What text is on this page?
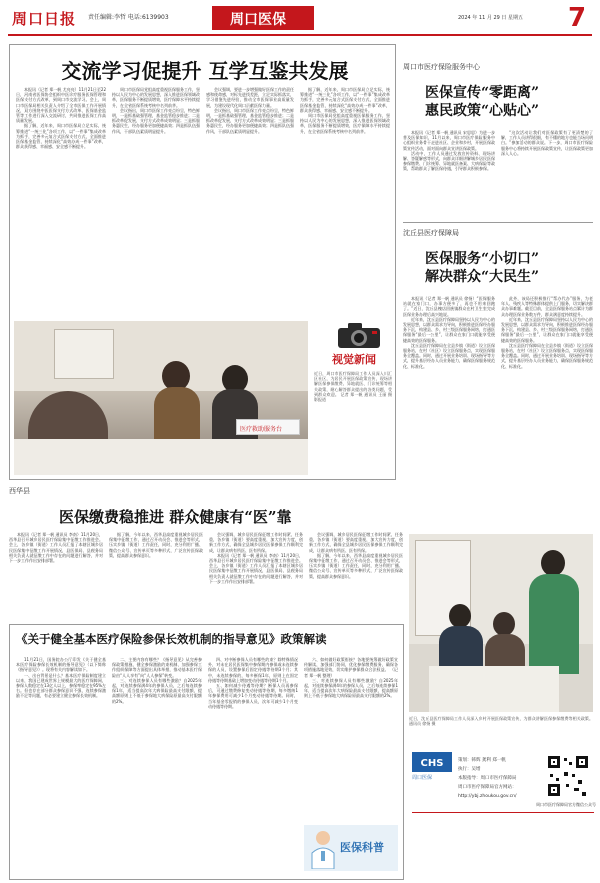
周口日报 责任编辑:李哲 电话:6139903	周口医保	2024 年 11 月 29 日 星期五 7
交流学习促提升 互学互鉴共发展

本报讯（记者 郑一帆 尤亮亮）11月21日至22日，河南省医保协会组织中医诊疗服务医保管理和医保支付方式改革，到周口市交流学习。会上，周口市医保局相关负责人介绍了全市医保工作开展情况，双方围绕中医医保支付方式改革、医保基金监管等工作进行深入交流研讨，共同推进医保工作高质量发展。

据了解，近年来，周口市医保局立足实际，统筹推进“一统三化”各项工作，以“一件事”集成改革为抓手，完善多元复合式医保支付方式，全面推进医保基金监管，持续深化“高效办成一件事”改革，群众获得感、幸福感、安全感不断提升。

周口市医保局党组高度重视医保服务工作，坚持以人民为中心的发展思想，深入推进医保领域改革，医保服务不断提质增效，医疗保障水平持续提升，在全省医保系统考核中名列前茅。

会议指出，周口市医保工作亮点纷呈，特色鲜明，一是抓基础强管理，基金监管稳步推进；二是抓改革促发展，支付方式改革成效明显；三是抓服务惠民生，经办服务更加便捷高效；四是抓队伍强作风，干部队伍素质明显提升。

会议强调，要进一步增强做好医保工作的责任感和使命感，对标先进找差距，立足实际抓落实，学习借鉴先进经验，推动全市医保事业高质量发展，为建设现代化周口贡献医保力量。

会议指出，周口市医保工作亮点纷呈，特色鲜明，一是抓基础强管理，基金监管稳步推进；二是抓改革促发展，支付方式改革成效明显；三是抓服务惠民生，经办服务更加便捷高效；四是抓队伍强作风，干部队伍素质明显提升。

据了解，近年来，周口市医保局立足实际，统筹推进“一统三化”各项工作，以“一件事”集成改革为抓手，完善多元复合式医保支付方式，全面推进医保基金监管，持续深化“高效办成一件事”改革，群众获得感、幸福感、安全感不断提升。

周口市医保局党组高度重视医保服务工作，坚持以人民为中心的发展思想，深入推进医保领域改革，医保服务不断提质增效，医疗保障水平持续提升，在全省医保系统考核中名列前茅。

医疗救助服务台
视觉新闻
近日，周口市医疗保障局工作人员深入川汇区社区，为居民开展医保政策宣传，现场讲解医保参保缴费、异地就医、门诊统筹等相关政策，耐心解答群众提出的各类问题，受到群众欢迎。 记者 郑一帆 通讯员 王丽 摄影报道
周口市医疗保险服务中心
医保宣传“零距离”
惠民政策“心贴心”

本报讯（记者 郑一帆 通讯员 宋思思）为进一步普及医保知识，11月以来，周口市医疗保险服务中心组织业务骨干走进社区、企业和乡村，开展医保政策宣传活动，面对面向群众宣讲医保政策。

活动中，工作人员通过发放宣传资料、现场讲解、答疑解惑等形式，向群众详细讲解城乡居民医保参保缴费、门诊统筹、异地就医备案、大病保险等政策，帮助群众了解医保待遇，引导群众积极参保。

“这次活动让我们对医保政策有了更清楚的了解，工作人员讲得很细，有不懂的地方也能当场问明白。”参加活动的群众说。下一步，周口市医疗保险服务中心将持续开展医保政策宣传，让医保政策更加深入人心。

沈丘县医疗保障局
医保服务“小切口”
解决群众“大民生”

本报讯（记者 郑一帆 通讯员 徐扬）“医保服务站就在家门口，办事方便多了，再也不用来回跑了。”近日，沈丘县槐店回族镇群众在村卫生室完成医保业务办理后高兴地说。

近年来，沈丘县医疗保障局坚持以人民为中心的发展思想，以群众需求为导向，积极推进医保经办服务下沉，构建县、乡、村三级医保服务网络，打通医保服务“最后一公里”，让群众在家门口就能享受便捷高效的医保服务。

沈丘县医疗保障局在全县乡镇（街道）设立医保服务站，在村（社区）设立医保服务点，实现医保服务全覆盖。同时，通过开展业务培训、现场指导等方式，提升基层经办人员业务能力，确保医保服务规范化、标准化。

此外，该局还积极推行“帮办代办”服务，为老年人、残疾人等特殊群体提供上门服务，切实解决群众办事难题。截至目前，全县医保服务站点累计为群众办理医保业务数万件，群众满意度持续提升。

近年来，沈丘县医疗保障局坚持以人民为中心的发展思想，以群众需求为导向，积极推进医保经办服务下沉，构建县、乡、村三级医保服务网络，打通医保服务“最后一公里”，让群众在家门口就能享受便捷高效的医保服务。

沈丘县医疗保障局在全县乡镇（街道）设立医保服务站，在村（社区）设立医保服务点，实现医保服务全覆盖。同时，通过开展业务培训、现场指导等方式，提升基层经办人员业务能力，确保医保服务规范化、标准化。

西华县
医保缴费稳推进 群众健康有“医”靠

本报讯（记者 郑一帆 通讯员 李南）11月20日，西华县召开城乡居民医疗保险集中征缴工作推进会。会上，各乡镇（街道）工作人员汇报了本辖区城乡居民医保集中征缴工作开展情况，县医保局、县税务局相关负责人就征缴工作中存在的问题进行解答，并对下一步工作作出安排部署。

据了解，今年以来，西华县高度重视城乡居民医保集中征缴工作，通过召开动员会、推进会等形式，压实乡镇（街道）工作责任，同时，充分利用广播、微信公众号、宣传单页等多种形式，广泛宣传医保政策，提高群众参保意识。

会议强调，城乡居民医保征缴工作时间紧、任务重，各乡镇（街道）要高度重视，加大宣传力度，创新工作方式，确保全县城乡居民医保参保工作顺利完成，让群众病有所医、医有所保。

本报讯（记者 郑一帆 通讯员 李南）11月20日，西华县召开城乡居民医疗保险集中征缴工作推进会。会上，各乡镇（街道）工作人员汇报了本辖区城乡居民医保集中征缴工作开展情况，县医保局、县税务局相关负责人就征缴工作中存在的问题进行解答，并对下一步工作作出安排部署。

会议强调，城乡居民医保征缴工作时间紧、任务重，各乡镇（街道）要高度重视，加大宣传力度，创新工作方式，确保全县城乡居民医保参保工作顺利完成，让群众病有所医、医有所保。

据了解，今年以来，西华县高度重视城乡居民医保集中征缴工作，通过召开动员会、推进会等形式，压实乡镇（街道）工作责任，同时，充分利用广播、微信公众号、宣传单页等多种形式，广泛宣传医保政策，提高群众参保意识。

近日，沈丘县医疗保障局工作人员深入乡村开展医保政策宣传，为群众讲解医保参保缴费等相关政策。 通讯员 徐扬 摄
《关于健全基本医疗保险参保长效机制的指导意见》政策解读

11月21日，国务院办公厅印发《关于健全基本医疗保险参保长效机制的指导意见》（以下简称《指导意见》）。现将有关内容解读如下。

一、出台背景是什么？基本医疗保险制度建立以来，我国已建成世界上规模最大的医疗保障网，参保人数稳定在13亿人以上，参保率稳定在95%左右。但也存在部分群众参保意识不强、连续参保激励不足等问题，有必要建立健全参保长效机制。

二、主要内容有哪些？《指导意见》从完善参保政策措施、健全参保激励约束机制、加强参保工作组织保障等方面提出具体举措，推动基本医疗保险由“人人享有”向“人人参保”转变。

三、对连续参保人员有哪些激励？自2025年起，对连续参保满4年的参保人员，之后每连续参保1年，适当提高次年大病保险最高支付限额，提高额原则上不低于参保地大病保险原最高支付限额的2%。

四、对中断参保人员有哪些约束？除特殊情况外，对未在居民医保集中参保期内参保或未连续参保的人员，设置参保后固定待遇等待期3个月；其中，未连续参保的，每多断保1年，原则上在固定待遇等待期基础上增加变动待遇等待期1个月。

五、如何减少待遇等待期？断保人员再参保后，可通过缴费修复变动待遇等待期，每多缴纳1年参保费用可减少1个月变动待遇等待期。同时，当年基金零报销的参保人员，次年可减少1个月变动待遇等待期。

六、如何做好政策衔接？各地要统筹做好政策宣传解读，加强部门协同，优化参保缴费服务，确保各项措施落地见效，切实维护参保群众合法权益。 （记者 郑一帆 整理）

三、对连续参保人员有哪些激励？自2025年起，对连续参保满4年的参保人员，之后每连续参保1年，适当提高次年大病保险最高支付限额，提高额原则上不低于参保地大病保险原最高支付限额的2%。

医保科普
CHS
周口医保
策划：韩辉 龚利 郑一帆
执行：吴增
本版指导：周口市医疗保障局
周口市医疗保障局官方网站：
http://ybj.zhoukou.gov.cn/
周口市医疗保障局官方微信公众号
